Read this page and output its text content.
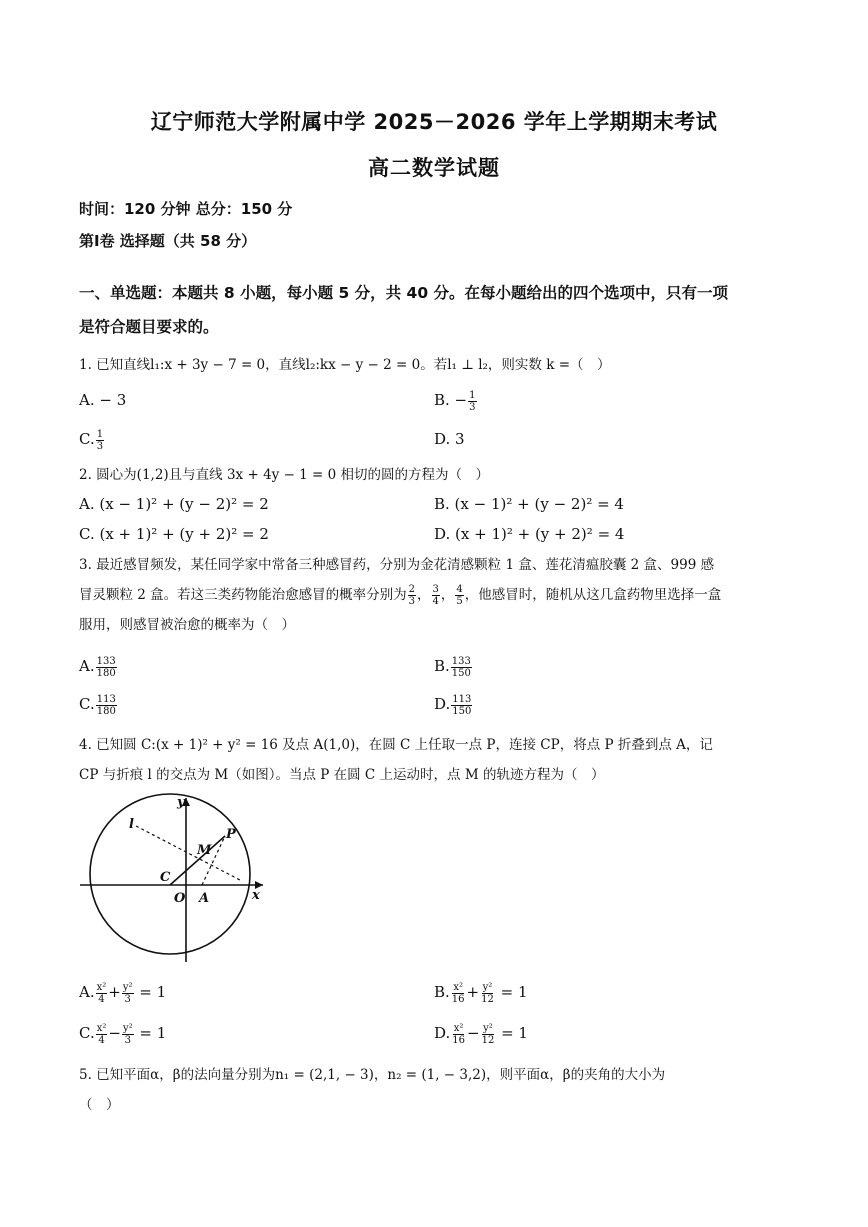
辽宁师范大学附属中学 2025－2026 学年上学期期末考试
高二数学试题
时间：120 分钟 总分：150 分
第Ⅰ卷 选择题（共 58 分）
一、单选题：本题共 8 小题，每小题 5 分，共 40 分。在每小题给出的四个选项中，只有一项
是符合题目要求的。
1. 已知直线l₁:x + 3y − 7 = 0，直线l₂:kx − y − 2 = 0。若l₁ ⊥ l₂，则实数 k =（　）
A. − 3	B. − $\frac{1}{3}$
C. $\frac{1}{3}$	D. 3
2. 圆心为(1,2)且与直线 3x + 4y − 1 = 0 相切的圆的方程为（　）
A. (x − 1)² + (y − 2)² = 2	B. (x − 1)² + (y − 2)² = 4
C. (x + 1)² + (y + 2)² = 2	D. (x + 1)² + (y + 2)² = 4
3. 最近感冒频发，某任同学家中常备三种感冒药，分别为金花清感颗粒 1 盒、莲花清瘟胶囊 2 盒、999 感
冒灵颗粒 2 盒。若这三类药物能治愈感冒的概率分别为 $\frac{2}{3}$ ， $\frac{3}{4}$ ， $\frac{4}{5}$ ，他感冒时，随机从这几盒药物里选择一盒
服用，则感冒被治愈的概率为（　）
A. $\frac{133}{180}$	B. $\frac{133}{150}$
C. $\frac{113}{180}$	D. $\frac{113}{150}$
4. 已知圆 C:(x + 1)² + y² = 16 及点 A(1,0)，在圆 C 上任取一点 P，连接 CP，将点 P 折叠到点 A，记
CP 与折痕 l 的交点为 M（如图）。当点 P 在圆 C 上运动时，点 M 的轨迹方程为（　）
y
x
l
P
M
C
O A
A. $\frac{\text{x²}}{4} + \frac{\text{y²}}{3} = 1$	B. $\frac{\text{x²}}{16} + \frac{\text{y²}}{12} = 1$
C. $\frac{\text{x²}}{4} - \frac{\text{y²}}{3} = 1$	D. $\frac{\text{x²}}{16} - \frac{\text{y²}}{12} = 1$
5. 已知平面α，β的法向量分别为n₁ = (2,1, − 3)，n₂ = (1, − 3,2)，则平面α，β的夹角的大小为
（　）
